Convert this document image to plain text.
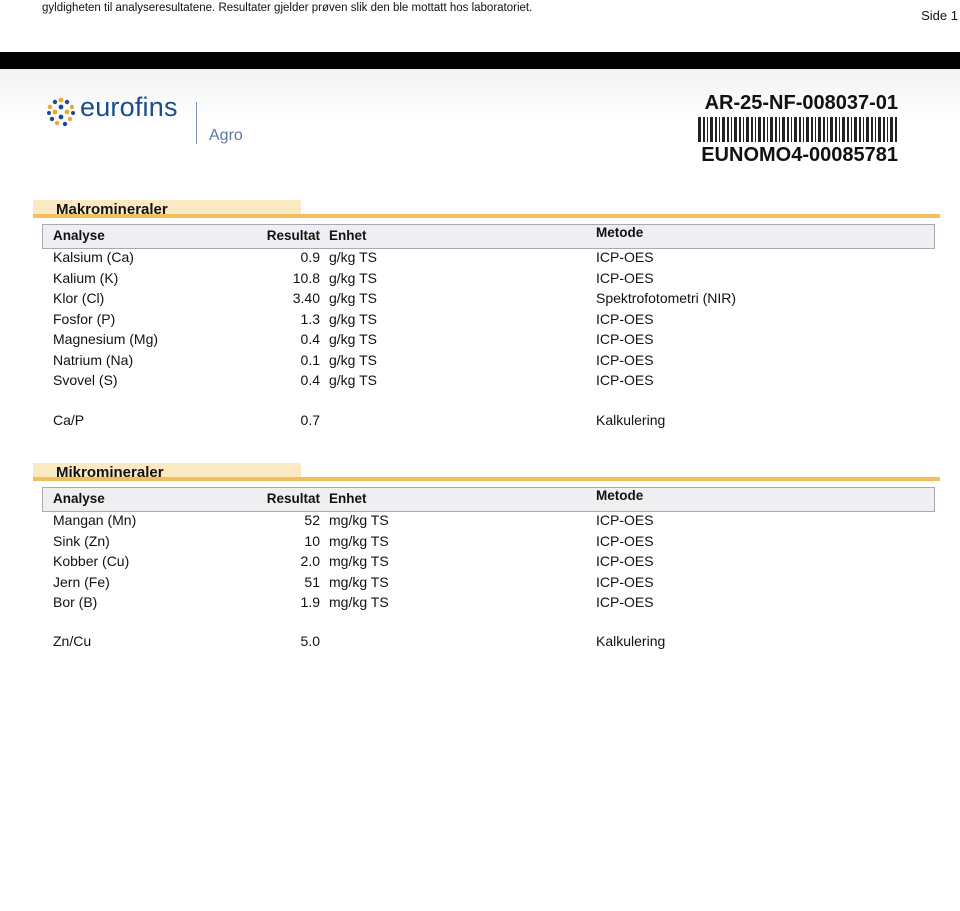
gyldigheten til analyseresultatene. Resultater gjelder prøven slik den ble mottatt hos laboratoriet.	Side 1
eurofins
Agro
AR-25-NF-008037-01
EUNOMO4-00085781
Makromineraler
Analyse	Resultat Enhet	Metode
Kalsium (Ca)	0.9 g/kg TS	ICP-OES
Kalium (K)	10.8 g/kg TS	ICP-OES
Klor (Cl)	3.40 g/kg TS	Spektrofotometri (NIR)
Fosfor (P)	1.3 g/kg TS	ICP-OES
Magnesium (Mg)	0.4 g/kg TS	ICP-OES
Natrium (Na)	0.1 g/kg TS	ICP-OES
Svovel (S)	0.4 g/kg TS	ICP-OES
Ca/P	0.7	Kalkulering
Mikromineraler
Analyse	Resultat Enhet	Metode
Mangan (Mn)	52 mg/kg TS	ICP-OES
Sink (Zn)	10 mg/kg TS	ICP-OES
Kobber (Cu)	2.0 mg/kg TS	ICP-OES
Jern (Fe)	51 mg/kg TS	ICP-OES
Bor (B)	1.9 mg/kg TS	ICP-OES
Zn/Cu	5.0	Kalkulering
